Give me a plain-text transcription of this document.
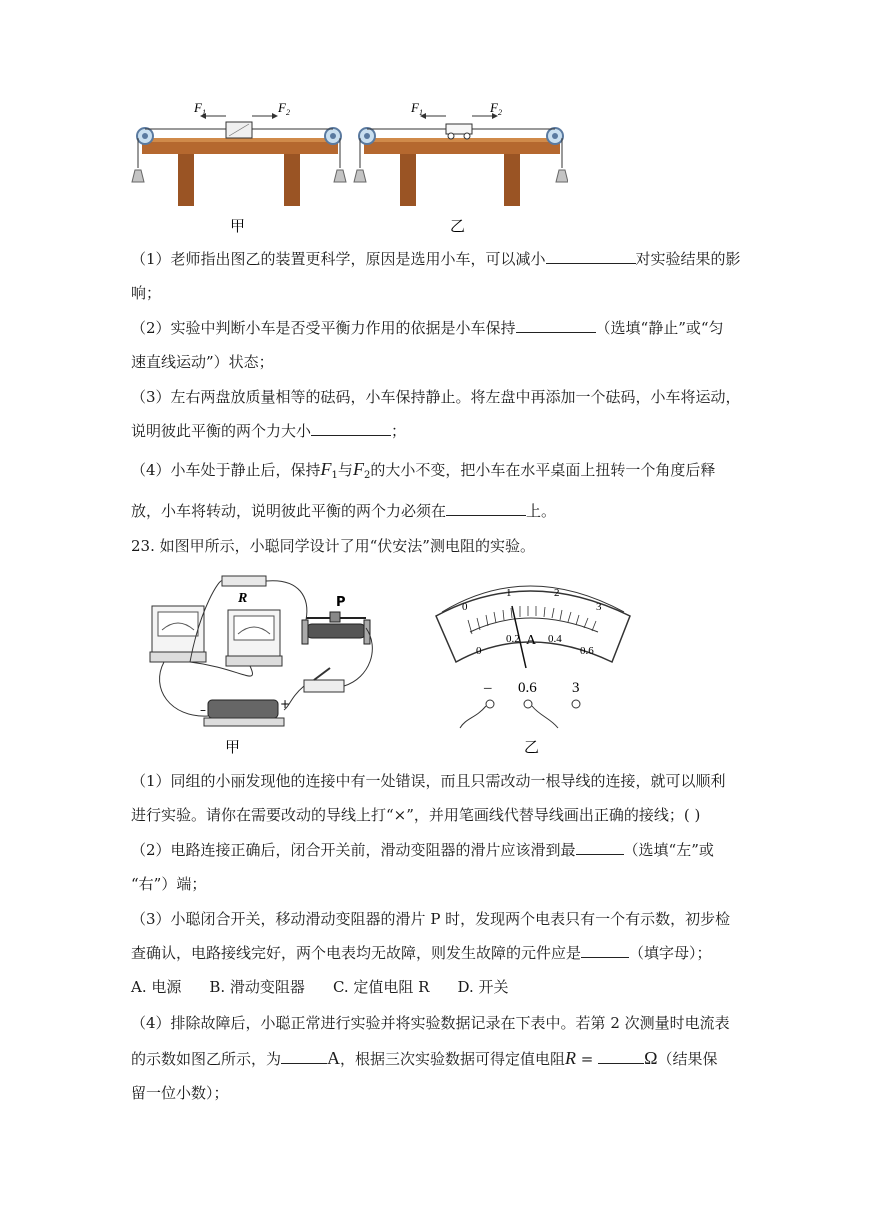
$F_1$	$F_2$	$F_1$	$F_2$
甲	乙
（1）老师指出图乙的装置更科学，原因是选用小车，可以减小	对实验结果的影
响；
（2）实验中判断小车是否受平衡力作用的依据是小车保持	（选填“静止”或“匀
速直线运动”）状态；
（3）左右两盘放质量相等的砝码，小车保持静止。将左盘中再添加一个砝码，小车将运动，
说明彼此平衡的两个力大小	；
（4）小车处于静止后，保持$F_1$与$F_2$的大小不变，把小车在水平桌面上扭转一个角度后释
放，小车将转动，说明彼此平衡的两个力必须在	上。
23. 如图甲所示，小聪同学设计了用“伏安法”测电阻的实验。
R	P
–	+
甲
0
1	2
3
0
0.2	0.4
0.6
A
– 0.6 3
乙
（1）同组的小丽发现他的连接中有一处错误，而且只需改动一根导线的连接，就可以顺利
进行实验。请你在需要改动的导线上打“×”，并用笔画线代替导线画出正确的接线；( )
（2）电路连接正确后，闭合开关前，滑动变阻器的滑片应该滑到最	（选填“左”或
“右”）端；
（3）小聪闭合开关，移动滑动变阻器的滑片 P 时，发现两个电表只有一个有示数，初步检
查确认，电路接线完好，两个电表均无故障，则发生故障的元件应是	（填字母）；
A. 电源 B. 滑动变阻器 C. 定值电阻 R D. 开关
（4）排除故障后，小聪正常进行实验并将实验数据记录在下表中。若第 2 次测量时电流表
的示数如图乙所示，为	A，根据三次实验数据可得定值电阻R =	Ω（结果保
留一位小数）；
